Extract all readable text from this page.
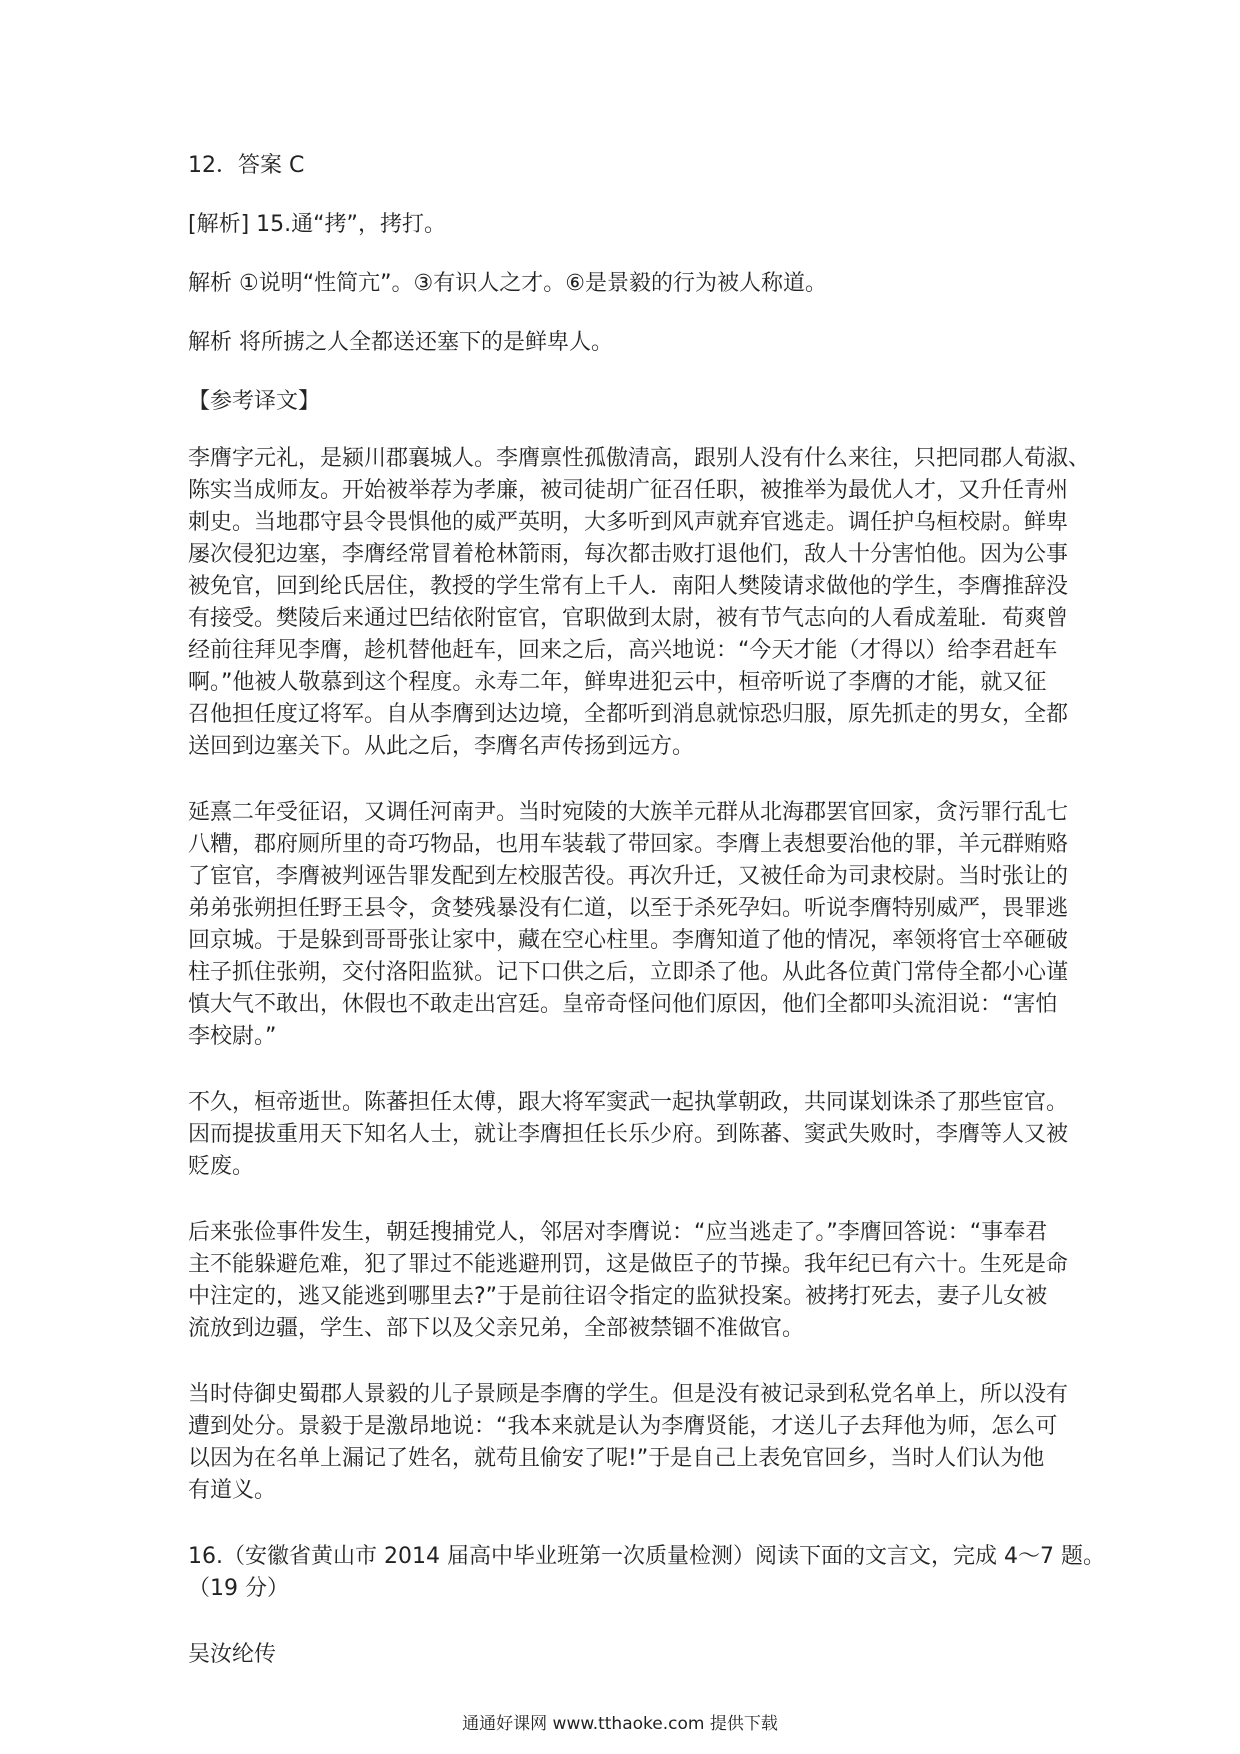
12．答案 C

[解析] 15.通“拷”，拷打。

解析 ①说明“性简亢”。③有识人之才。⑥是景毅的行为被人称道。

解析 将所掳之人全都送还塞下的是鲜卑人。

【参考译文】

李膺字元礼，是颍川郡襄城人。李膺禀性孤傲清高，跟别人没有什么来往，只把同郡人荀淑、

陈实当成师友。开始被举荐为孝廉，被司徒胡广征召任职，被推举为最优人才，又升任青州

刺史。当地郡守县令畏惧他的威严英明，大多听到风声就弃官逃走。调任护乌桓校尉。鲜卑

屡次侵犯边塞，李膺经常冒着枪林箭雨，每次都击败打退他们，敌人十分害怕他。因为公事

被免官，回到纶氏居住，教授的学生常有上千人．南阳人樊陵请求做他的学生，李膺推辞没

有接受。樊陵后来通过巴结依附宦官，官职做到太尉，被有节气志向的人看成羞耻．荀爽曾

经前往拜见李膺，趁机替他赶车，回来之后，高兴地说：“今天才能（才得以）给李君赶车

啊。”他被人敬慕到这个程度。永寿二年，鲜卑进犯云中，桓帝听说了李膺的才能，就又征

召他担任度辽将军。自从李膺到达边境，全都听到消息就惊恐归服，原先抓走的男女，全都

送回到边塞关下。从此之后，李膺名声传扬到远方。

延熹二年受征诏，又调任河南尹。当时宛陵的大族羊元群从北海郡罢官回家，贪污罪行乱七

八糟，郡府厕所里的奇巧物品，也用车装载了带回家。李膺上表想要治他的罪，羊元群贿赂

了宦官，李膺被判诬告罪发配到左校服苦役。再次升迁，又被任命为司隶校尉。当时张让的

弟弟张朔担任野王县令，贪婪残暴没有仁道，以至于杀死孕妇。听说李膺特别威严，畏罪逃

回京城。于是躲到哥哥张让家中，藏在空心柱里。李膺知道了他的情况，率领将官士卒砸破

柱子抓住张朔，交付洛阳监狱。记下口供之后，立即杀了他。从此各位黄门常侍全都小心谨

慎大气不敢出，休假也不敢走出宫廷。皇帝奇怪问他们原因，他们全都叩头流泪说：“害怕

李校尉。”

不久，桓帝逝世。陈蕃担任太傅，跟大将军窦武一起执掌朝政，共同谋划诛杀了那些宦官。

因而提拔重用天下知名人士，就让李膺担任长乐少府。到陈蕃、窦武失败时，李膺等人又被

贬废。

后来张俭事件发生，朝廷搜捕党人，邻居对李膺说：“应当逃走了。”李膺回答说：“事奉君

主不能躲避危难，犯了罪过不能逃避刑罚，这是做臣子的节操。我年纪已有六十。生死是命

中注定的，逃又能逃到哪里去?”于是前往诏令指定的监狱投案。被拷打死去，妻子儿女被

流放到边疆，学生、部下以及父亲兄弟，全部被禁锢不准做官。

当时侍御史蜀郡人景毅的儿子景顾是李膺的学生。但是没有被记录到私党名单上，所以没有

遭到处分。景毅于是激昂地说：“我本来就是认为李膺贤能，才送儿子去拜他为师，怎么可

以因为在名单上漏记了姓名，就苟且偷安了呢!”于是自己上表免官回乡，当时人们认为他

有道义。

16.（安徽省黄山市 2014 届高中毕业班第一次质量检测）阅读下面的文言文，完成 4～7 题。

（19 分）

吴汝纶传

通通好课网 www.tthaoke.com 提供下载
